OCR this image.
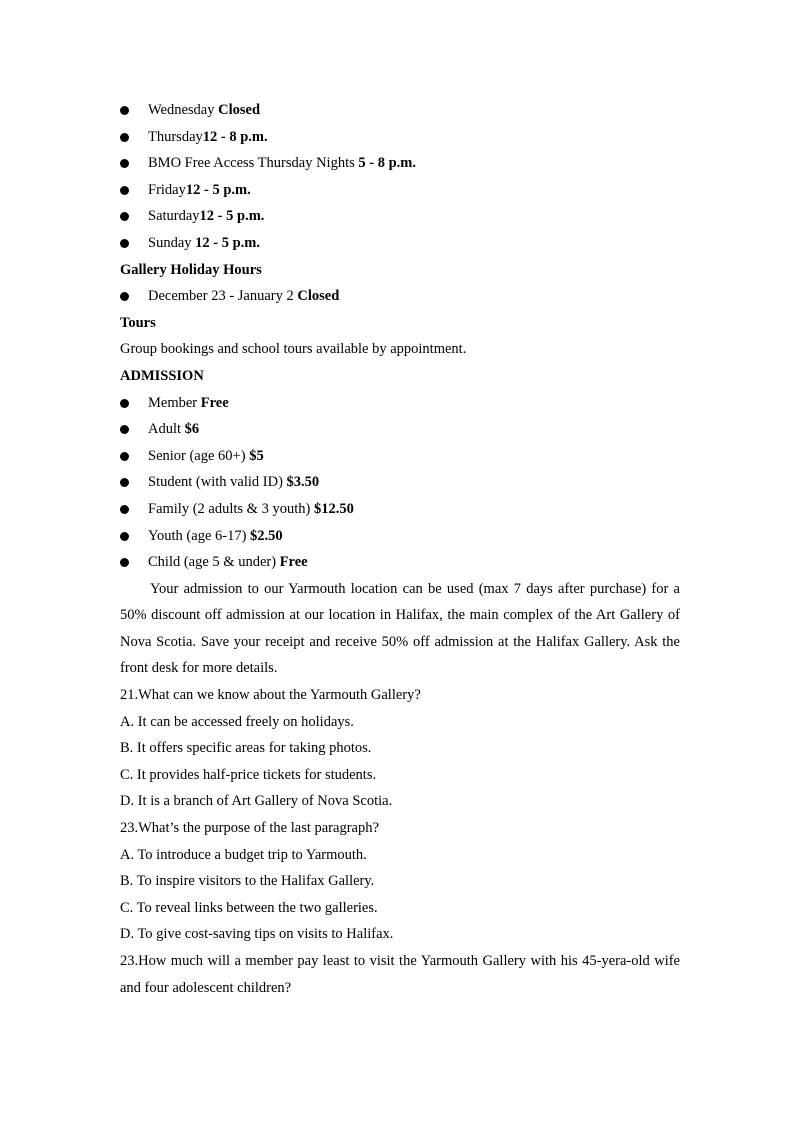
Wednesday Closed
Thursday12 - 8 p.m.
BMO Free Access Thursday Nights 5 - 8 p.m.
Friday12 - 5 p.m.
Saturday12 - 5 p.m.
Sunday 12 - 5 p.m.
Gallery Holiday Hours
December 23 - January 2 Closed
Tours
Group bookings and school tours available by appointment.
ADMISSION
Member Free
Adult $6
Senior (age 60+) $5
Student (with valid ID) $3.50
Family (2 adults & 3 youth) $12.50
Youth (age 6-17) $2.50
Child (age 5 & under) Free
Your admission to our Yarmouth location can be used (max 7 days after purchase) for a 50% discount off admission at our location in Halifax, the main complex of the Art Gallery of Nova Scotia. Save your receipt and receive 50% off admission at the Halifax Gallery. Ask the front desk for more details.
21.What can we know about the Yarmouth Gallery?
A. It can be accessed freely on holidays.
B. It offers specific areas for taking photos.
C. It provides half-price tickets for students.
D. It is a branch of Art Gallery of Nova Scotia.
23.What’s the purpose of the last paragraph?
A. To introduce a budget trip to Yarmouth.
B. To inspire visitors to the Halifax Gallery.
C. To reveal links between the two galleries.
D. To give cost-saving tips on visits to Halifax.
23.How much will a member pay least to visit the Yarmouth Gallery with his 45-yera-old wife and four adolescent children?
